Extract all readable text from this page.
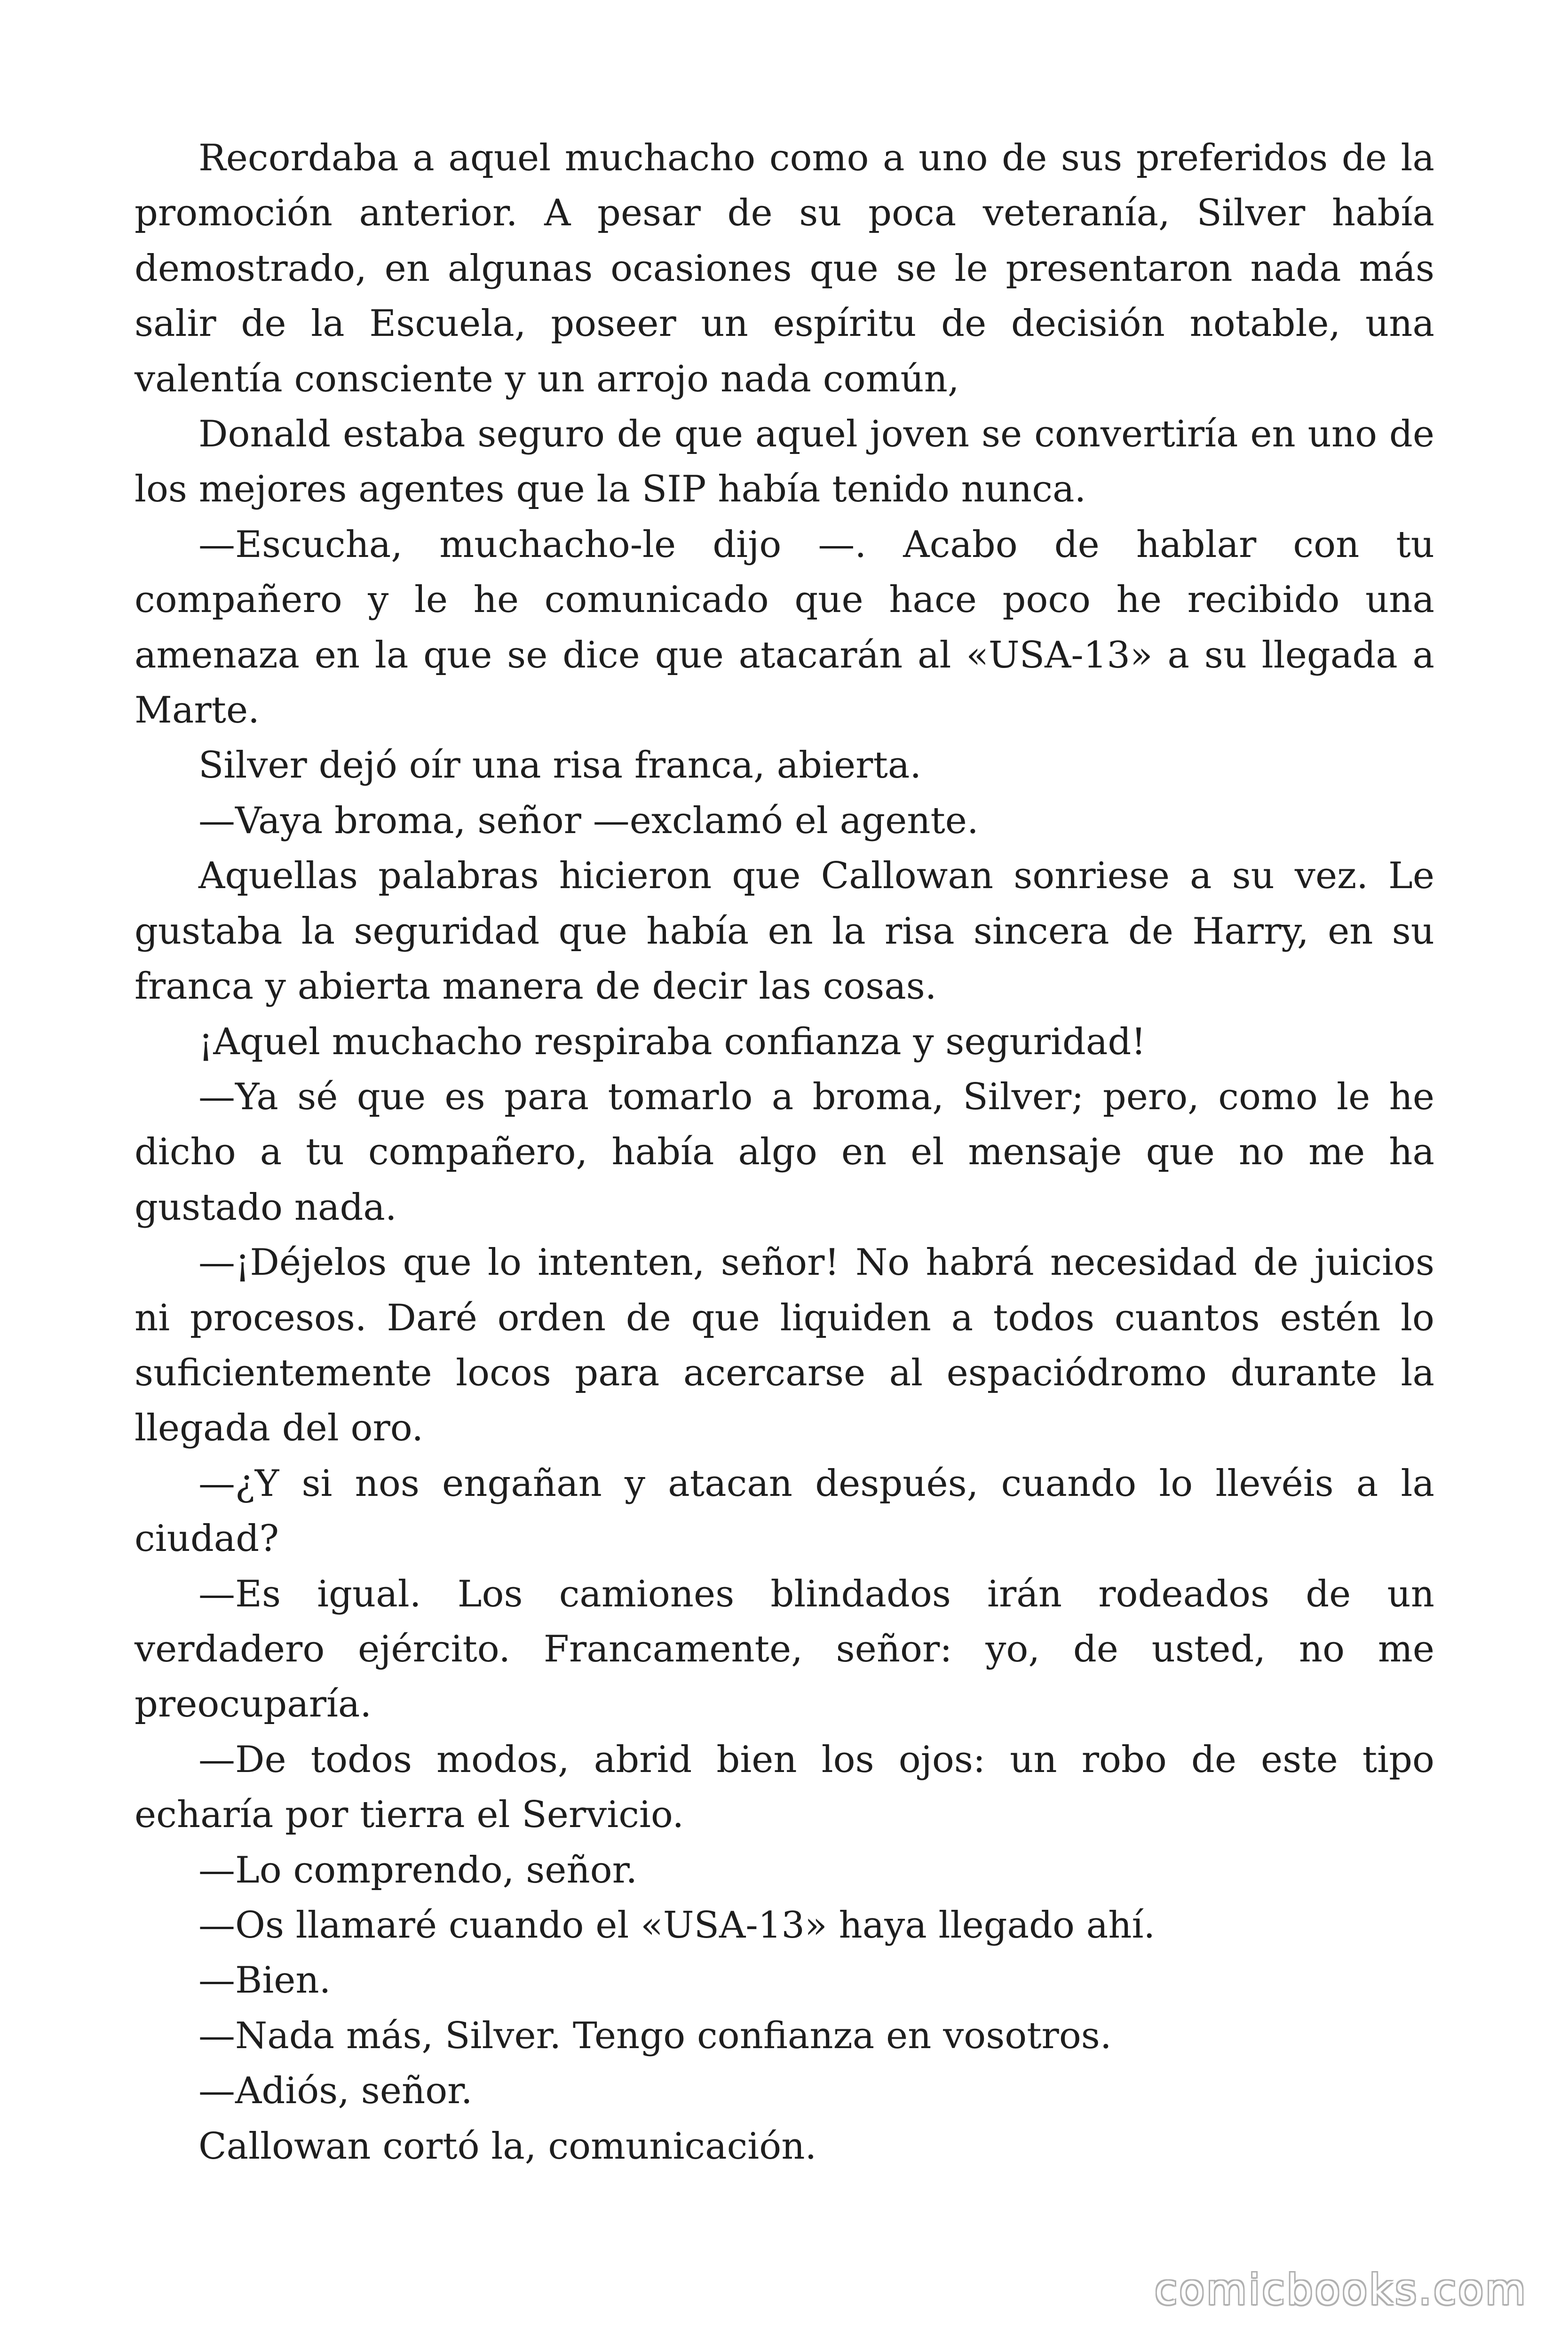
Recordaba a aquel muchacho como a uno de sus preferidos de la promoción anterior. A pesar de su poca veteranía, Silver había demostrado, en algunas ocasiones que se le presentaron nada más salir de la Escuela, poseer un espíritu de decisión notable, una valentía consciente y un arrojo nada común,

Donald estaba seguro de que aquel joven se convertiría en uno de los mejores agentes que la SIP había tenido nunca.

—Escucha, muchacho-le dijo —. Acabo de hablar con tu compañero y le he comunicado que hace poco he recibido una amenaza en la que se dice que atacarán al «USA-13» a su llegada a Marte.

Silver dejó oír una risa franca, abierta.

—Vaya broma, señor —exclamó el agente.

Aquellas palabras hicieron que Callowan sonriese a su vez. Le gustaba la seguridad que había en la risa sincera de Harry, en su franca y abierta manera de decir las cosas.

¡Aquel muchacho respiraba confianza y seguridad!

—Ya sé que es para tomarlo a broma, Silver; pero, como le he dicho a tu compañero, había algo en el mensaje que no me ha gustado nada.

—¡Déjelos que lo intenten, señor! No habrá necesidad de juicios ni procesos. Daré orden de que liquiden a todos cuantos estén lo suficientemente locos para acercarse al espaciódromo durante la llegada del oro.

—¿Y si nos engañan y atacan después, cuando lo llevéis a la ciudad?

—Es igual. Los camiones blindados irán rodeados de un verdadero ejército. Francamente, señor: yo, de usted, no me preocuparía.

—De todos modos, abrid bien los ojos: un robo de este tipo echaría por tierra el Servicio.

—Lo comprendo, señor.

—Os llamaré cuando el «USA-13» haya llegado ahí.

—Bien.

—Nada más, Silver. Tengo confianza en vosotros.

—Adiós, señor.

Callowan cortó la, comunicación.

comicbooks.com
